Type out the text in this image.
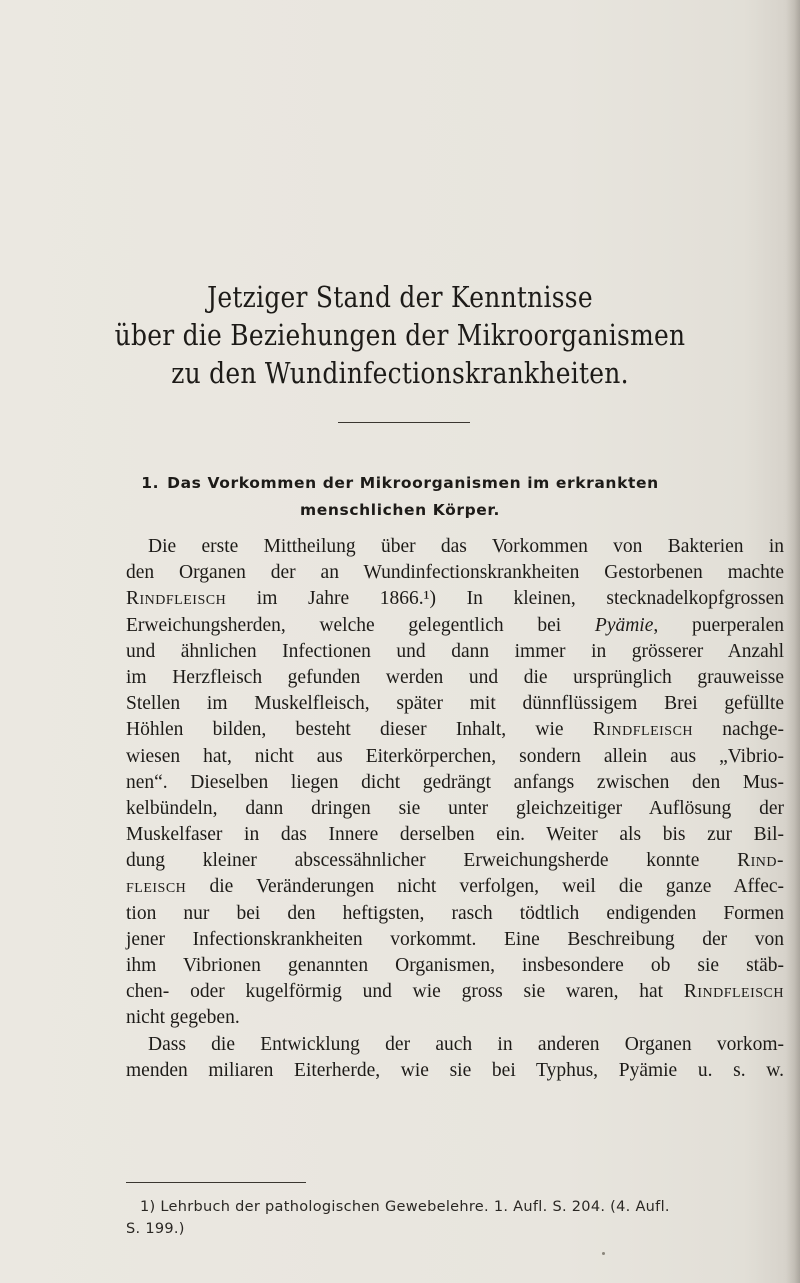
Jetziger Stand der Kenntnisse
über die Beziehungen der Mikroorganismen
zu den Wundinfectionskrankheiten.
1. Das Vorkommen der Mikroorganismen im erkrankten
menschlichen Körper.
Die erste Mittheilung über das Vorkommen von Bakterien in
den Organen der an Wundinfectionskrankheiten Gestorbenen machte
Rindfleisch im Jahre 1866.¹) In kleinen, stecknadelkopfgrossen
Erweichungsherden, welche gelegentlich bei Pyämie, puerperalen
und ähnlichen Infectionen und dann immer in grösserer Anzahl
im Herzfleisch gefunden werden und die ursprünglich grauweisse
Stellen im Muskelfleisch, später mit dünnflüssigem Brei gefüllte
Höhlen bilden, besteht dieser Inhalt, wie Rindfleisch nachge-
wiesen hat, nicht aus Eiterkörperchen, sondern allein aus „Vibrio-
nen“. Dieselben liegen dicht gedrängt anfangs zwischen den Mus-
kelbündeln, dann dringen sie unter gleichzeitiger Auflösung der
Muskelfaser in das Innere derselben ein. Weiter als bis zur Bil-
dung kleiner abscessähnlicher Erweichungsherde konnte Rind-
fleisch die Veränderungen nicht verfolgen, weil die ganze Affec-
tion nur bei den heftigsten, rasch tödtlich endigenden Formen
jener Infectionskrankheiten vorkommt. Eine Beschreibung der von
ihm Vibrionen genannten Organismen, insbesondere ob sie stäb-
chen- oder kugelförmig und wie gross sie waren, hat Rindfleisch
nicht gegeben.
Dass die Entwicklung der auch in anderen Organen vorkom-
menden miliaren Eiterherde, wie sie bei Typhus, Pyämie u. s. w.
1) Lehrbuch der pathologischen Gewebelehre. 1. Aufl. S. 204. (4. Aufl.
S. 199.)
